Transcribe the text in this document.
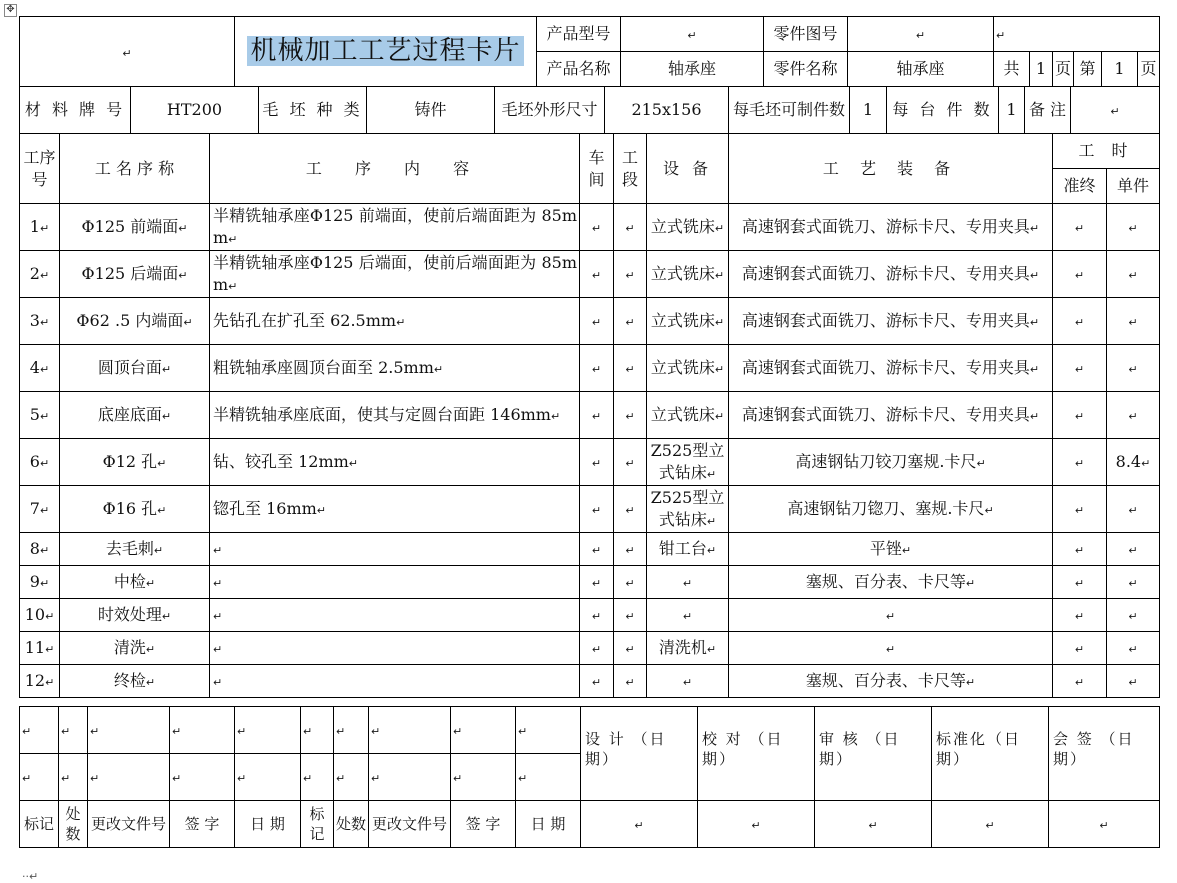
✥
↵	机械加工工艺过程卡片	产品型号	↵	零件图号	↵	↵					
		产品名称	轴承座	零件名称	轴承座	共	1	页	第	1	页
材 料 牌 号	HT200	毛 坯 种 类	铸件	毛坯外形尺寸	215x156	每毛坯可制件数	1	每 台 件 数	1	备 注	↵
工序号	工 名 序 称	工 序 内 容	车间	工段	设 备	工 艺 装 备	工 时	
							准终	单件
1↵	Φ125 前端面↵	半精铣轴承座Φ125 前端面，使前后端面距为 85mm↵	↵	↵	立式铣床↵	高速钢套式面铣刀、游标卡尺、专用夹具↵	↵	↵
2↵	Φ125 后端面↵	半精铣轴承座Φ125 后端面，使前后端面距为 85mm↵	↵	↵	立式铣床↵	高速钢套式面铣刀、游标卡尺、专用夹具↵	↵	↵
3↵	Φ62 .5 内端面↵	先钻孔在扩孔至 62.5mm↵	↵	↵	立式铣床↵	高速钢套式面铣刀、游标卡尺、专用夹具↵	↵	↵
4↵	圆顶台面↵	粗铣轴承座圆顶台面至 2.5mm↵	↵	↵	立式铣床↵	高速钢套式面铣刀、游标卡尺、专用夹具↵	↵	↵
5↵	底座底面↵	半精铣轴承座底面，使其与定圆台面距 146mm↵	↵	↵	立式铣床↵	高速钢套式面铣刀、游标卡尺、专用夹具↵	↵	↵
6↵	Φ12 孔↵	钻、铰孔至 12mm↵	↵	↵	Z525型立式钻床↵	高速钢钻刀铰刀塞规.卡尺↵	↵	8.4↵
7↵	Φ16 孔↵	锪孔至 16mm↵	↵	↵	Z525型立式钻床↵	高速钢钻刀锪刀、塞规.卡尺↵	↵	↵
8↵	去毛刺↵	↵	↵	↵	钳工台↵	平锉↵	↵	↵
9↵	中检↵	↵	↵	↵	↵	塞规、百分表、卡尺等↵	↵	↵
10↵	时效处理↵	↵	↵	↵	↵	↵	↵	↵
11↵	清洗↵	↵	↵	↵	清洗机↵	↵	↵	↵
12↵	终检↵	↵	↵	↵	↵	塞规、百分表、卡尺等↵	↵	↵
↵	↵	↵	↵	↵	↵	↵	↵	↵	↵	设 计 （日期）	校 对 （日期）	审 核 （日期）	标准化（日期）	会 签 （日期）
↵	↵	↵	↵	↵	↵	↵	↵	↵	↵					
标记	处数	更改文件号	签 字	日 期	标记	处数	更改文件号	签 字	日 期	↵	↵	↵	↵	↵
··↵
